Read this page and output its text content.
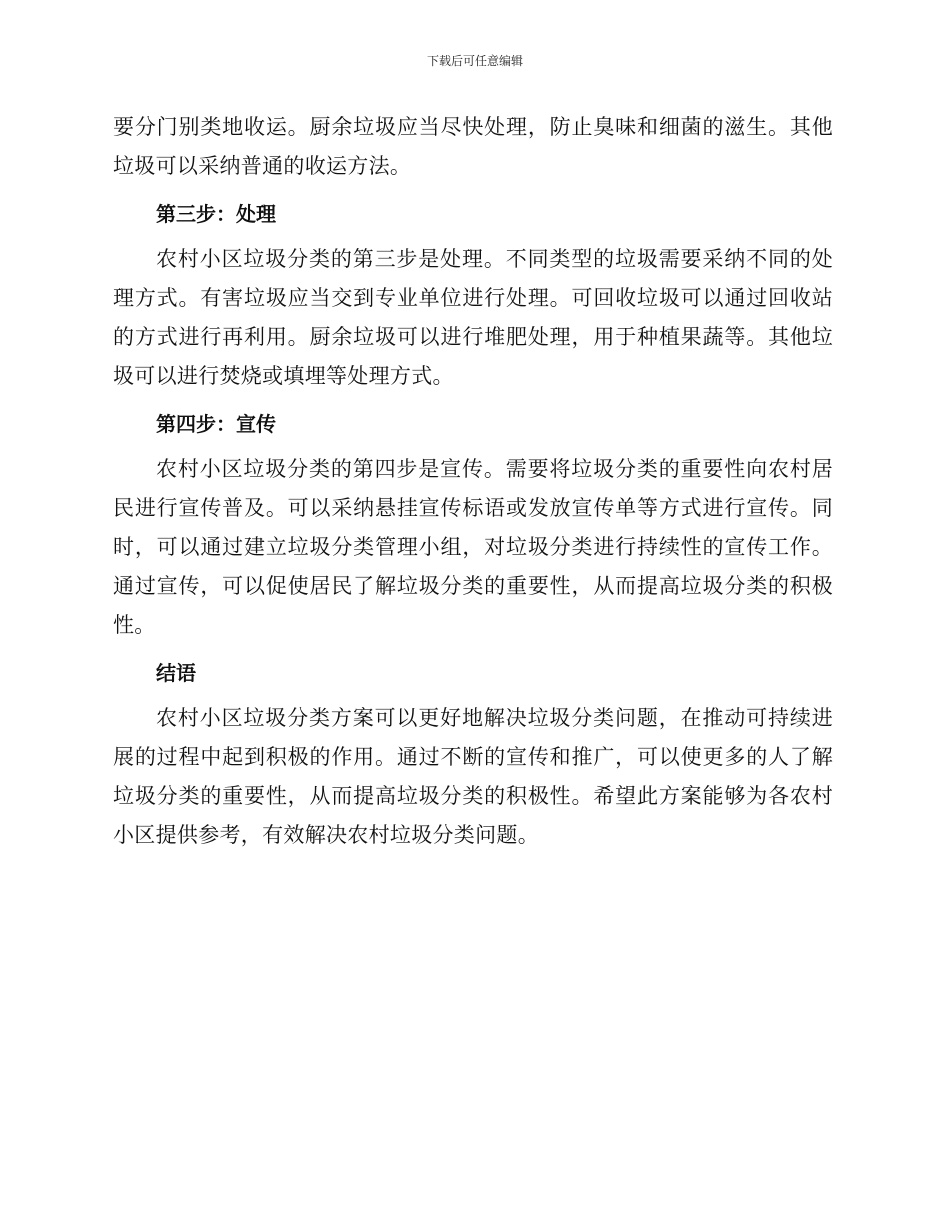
下载后可任意编辑

要分门别类地收运。厨余垃圾应当尽快处理，防止臭味和细菌的滋生。其他垃圾可以采纳普通的收运方法。

第三步：处理

农村小区垃圾分类的第三步是处理。不同类型的垃圾需要采纳不同的处理方式。有害垃圾应当交到专业单位进行处理。可回收垃圾可以通过回收站的方式进行再利用。厨余垃圾可以进行堆肥处理，用于种植果蔬等。其他垃圾可以进行焚烧或填埋等处理方式。

第四步：宣传

农村小区垃圾分类的第四步是宣传。需要将垃圾分类的重要性向农村居民进行宣传普及。可以采纳悬挂宣传标语或发放宣传单等方式进行宣传。同时，可以通过建立垃圾分类管理小组，对垃圾分类进行持续性的宣传工作。通过宣传，可以促使居民了解垃圾分类的重要性，从而提高垃圾分类的积极性。

结语

农村小区垃圾分类方案可以更好地解决垃圾分类问题，在推动可持续进展的过程中起到积极的作用。通过不断的宣传和推广，可以使更多的人了解垃圾分类的重要性，从而提高垃圾分类的积极性。希望此方案能够为各农村小区提供参考，有效解决农村垃圾分类问题。
